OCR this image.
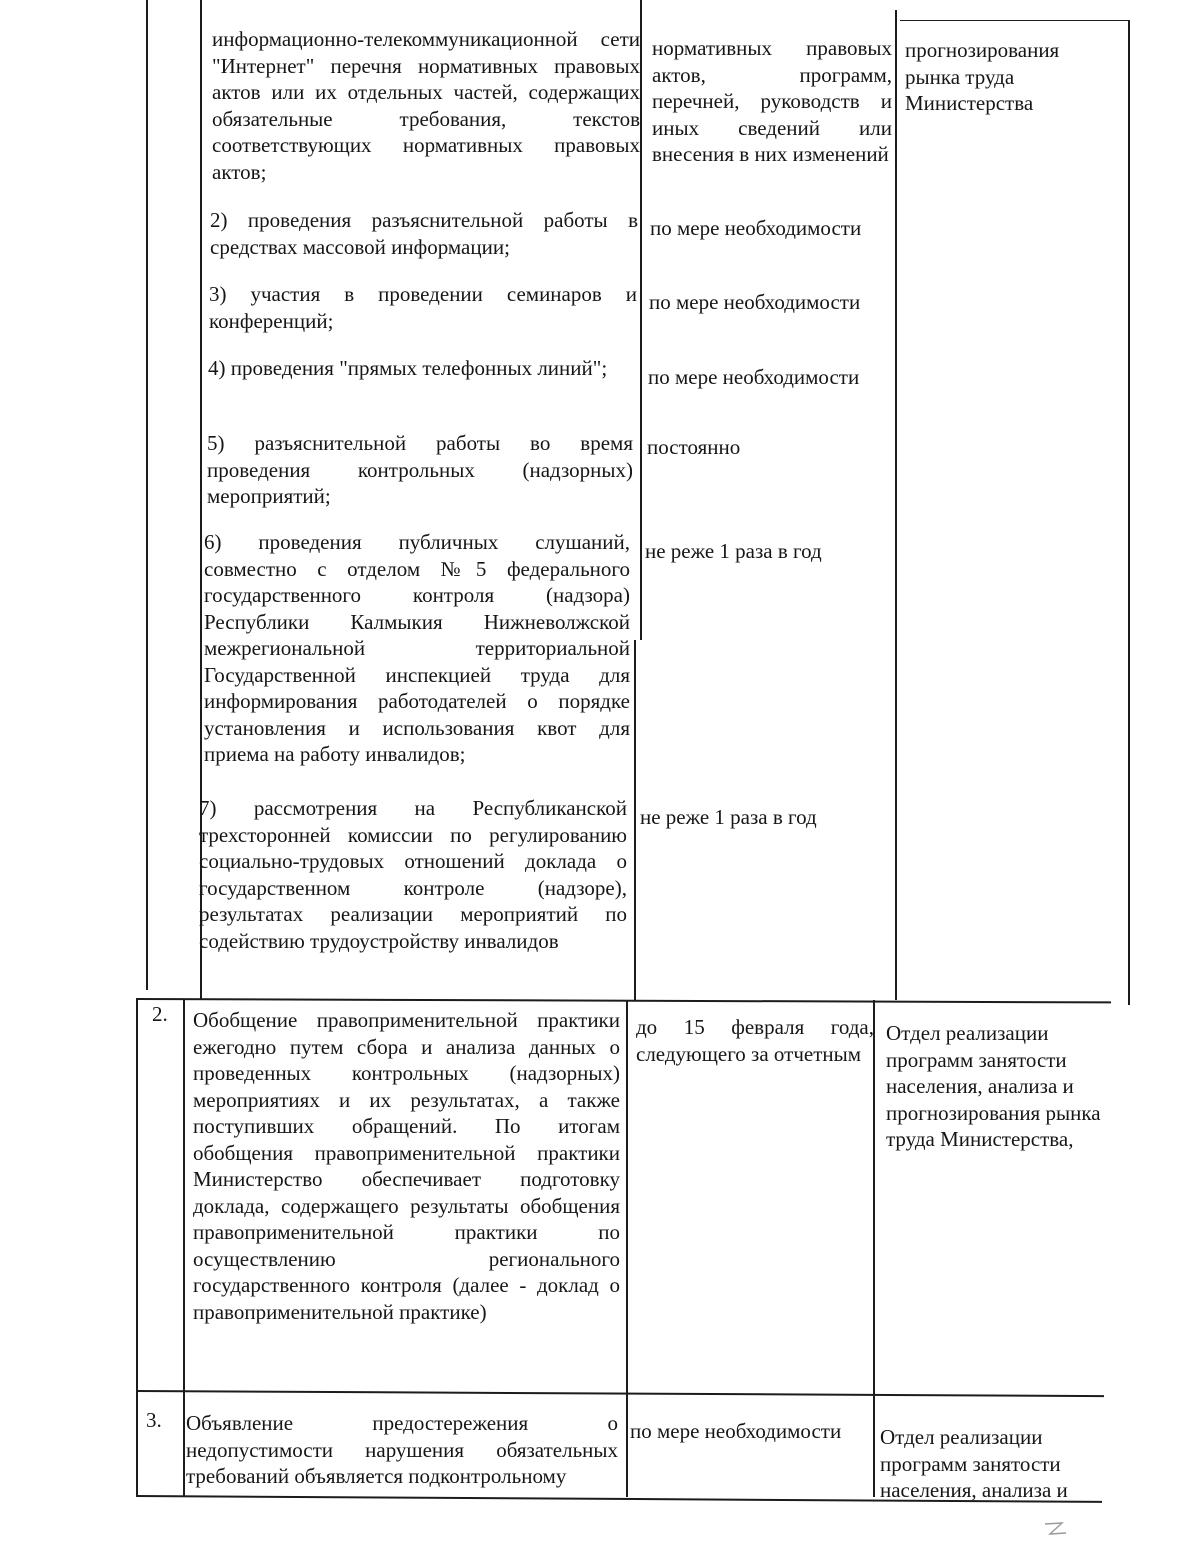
информационно-телекоммуникационной сети "Интернет" перечня нормативных правовых актов или их отдельных частей, содержащих обязательные требования, текстов соответствующих нормативных правовых актов;
2) проведения разъяснительной работы в средствах массовой информации;
3) участия в проведении семинаров и конференций;
4) проведения "прямых телефонных линий";
5) разъяснительной работы во время проведения контрольных (надзорных) мероприятий;
6) проведения публичных слушаний, совместно с отделом №5 федерального государственного контроля (надзора) Республики Калмыкия Нижневолжской межрегиональной территориальной Государственной инспекцией труда для информирования работодателей о порядке установления и использования квот для приема на работу инвалидов;
7) рассмотрения на Республиканской трехсторонней комиссии по регулированию социально-трудовых отношений доклада о государственном контроле (надзоре), результатах реализации мероприятий по содействию трудоустройству инвалидов
нормативных правовых актов, программ, перечней, руководств и иных сведений или внесения в них изменений
по мере необходимости
по мере необходимости
по мере необходимости
постоянно
не реже 1 раза в год
не реже 1 раза в год
прогнозирования рынка труда Министерства
2. Обобщение правоприменительной практики ежегодно путем сбора и анализа данных о проведенных контрольных (надзорных) мероприятиях и их результатах, а также поступивших обращений. По итогам обобщения правоприменительной практики Министерство обеспечивает подготовку доклада, содержащего результаты обобщения правоприменительной практики по осуществлению регионального государственного контроля (далее - доклад о правоприменительной практике)
до 15 февраля года, следующего за отчетным
Отдел реализации программ занятости населения, анализа и прогнозирования рынка труда Министерства,
3. Объявление предостережения о недопустимости нарушения обязательных требований объявляется подконтрольному
по мере необходимости	Отдел реализации программ занятости населения, анализа и
